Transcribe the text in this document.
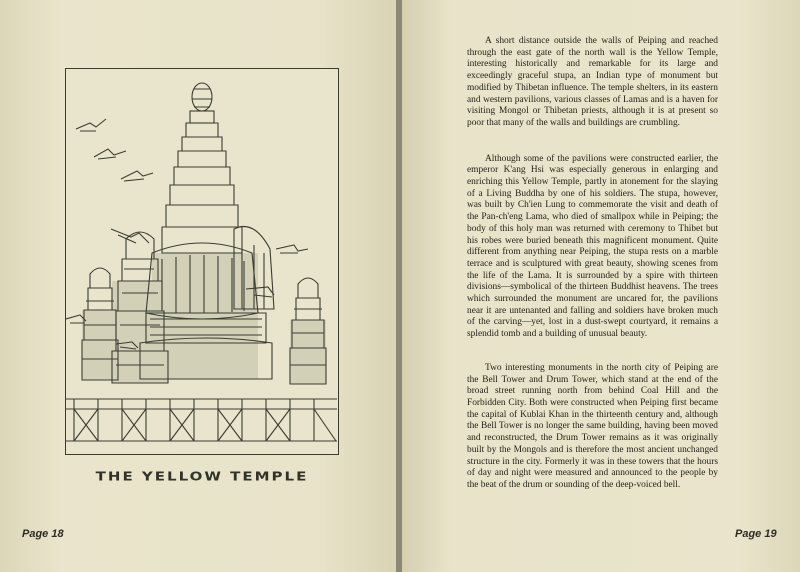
THE YELLOW TEMPLE
Page 18

A short distance outside the walls of Peiping and reached through the east gate of the north wall is the Yellow Temple, interesting historically and remarkable for its large and exceedingly graceful stupa, an Indian type of monument but modified by Thibetan influence. The temple shelters, in its eastern and western pavilions, various classes of Lamas and is a haven for visiting Mongol or Thibetan priests, although it is at present so poor that many of the walls and buildings are crumbling.

Although some of the pavilions were constructed earlier, the emperor K'ang Hsi was especially generous in enlarging and enriching this Yellow Temple, partly in atonement for the slaying of a Living Buddha by one of his soldiers. The stupa, however, was built by Ch'ien Lung to commemorate the visit and death of the Pan-ch'eng Lama, who died of smallpox while in Peiping; the body of this holy man was returned with ceremony to Thibet but his robes were buried beneath this magnificent monument. Quite different from anything near Peiping, the stupa rests on a marble terrace and is sculptured with great beauty, showing scenes from the life of the Lama. It is surrounded by a spire with thirteen divisions—symbolical of the thirteen Buddhist heavens. The trees which surrounded the monument are uncared for, the pavilions near it are untenanted and falling and soldiers have broken much of the carving—yet, lost in a dust-swept courtyard, it remains a splendid tomb and a building of unusual beauty.

Two interesting monuments in the north city of Peiping are the Bell Tower and Drum Tower, which stand at the end of the broad street running north from behind Coal Hill and the Forbidden City. Both were constructed when Peiping first became the capital of Kublai Khan in the thirteenth century and, although the Bell Tower is no longer the same building, having been moved and reconstructed, the Drum Tower remains as it was originally built by the Mongols and is therefore the most ancient unchanged structure in the city. Formerly it was in these towers that the hours of day and night were measured and announced to the people by the beat of the drum or sounding of the deep-voiced bell.

Page 19
